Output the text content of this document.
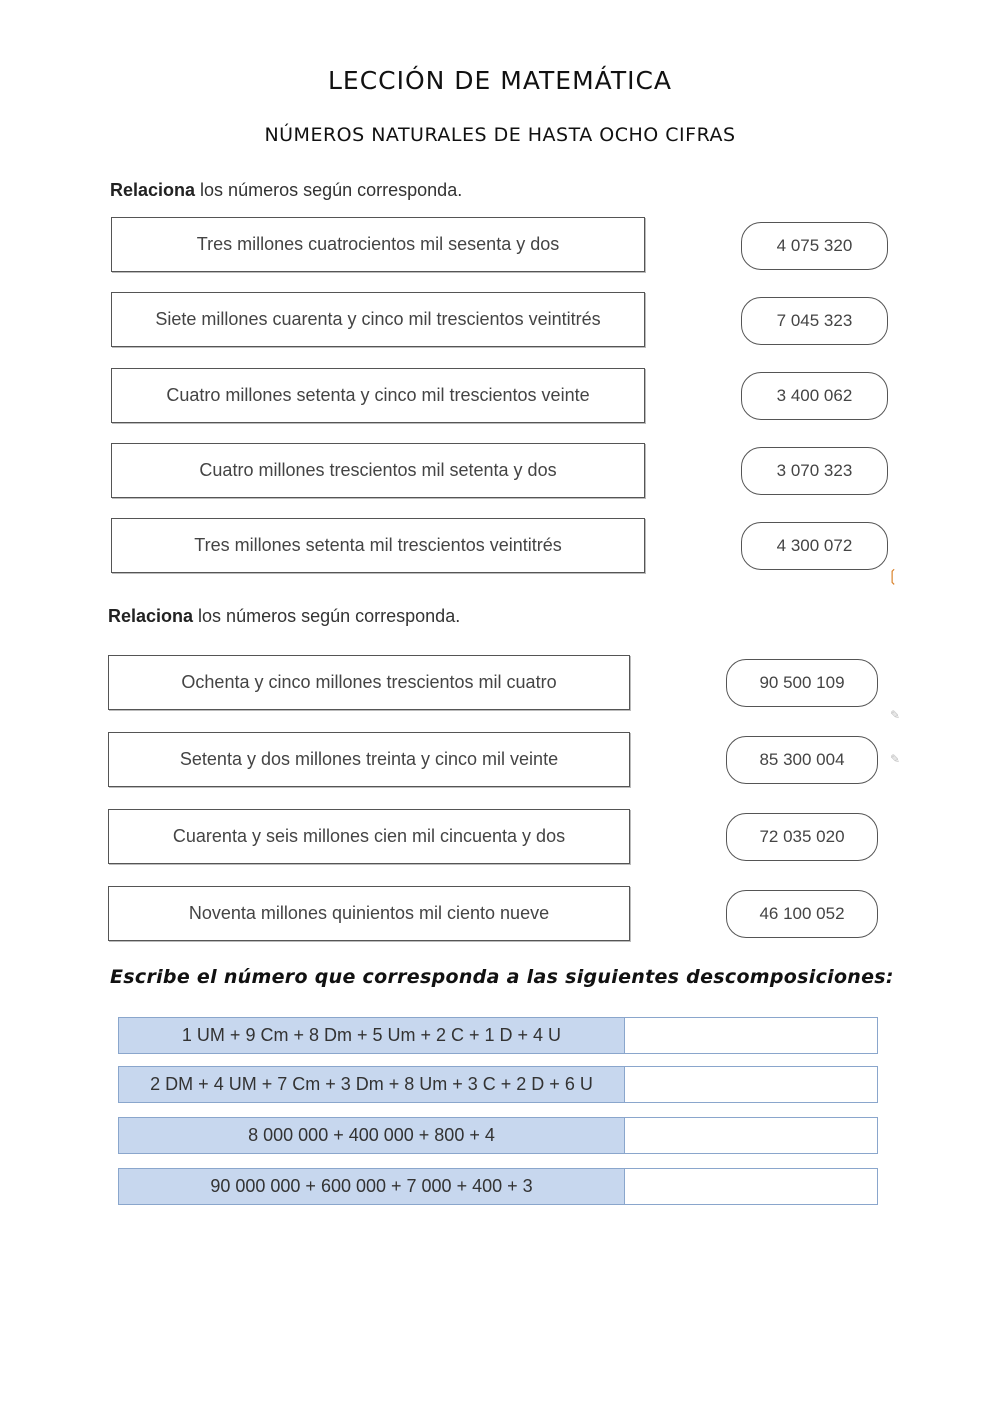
LECCIÓN DE MATEMÁTICA
NÚMEROS NATURALES DE HASTA OCHO CIFRAS
Relaciona los números según corresponda.
Tres millones cuatrocientos mil sesenta y dos
Siete millones cuarenta y cinco mil trescientos veintitrés
Cuatro millones setenta y cinco mil trescientos veinte
Cuatro millones trescientos mil setenta y dos
Tres millones setenta mil trescientos veintitrés
4 075 320
7 045 323
3 400 062
3 070 323
4 300 072
❲
Relaciona los números según corresponda.
Ochenta y cinco millones trescientos mil cuatro
Setenta y dos millones treinta y cinco mil veinte
Cuarenta y seis millones cien mil cincuenta y dos
Noventa millones quinientos mil ciento nueve
90 500 109
85 300 004
72 035 020
46 100 052
✎
✎
Escribe el número que corresponda a las siguientes descomposiciones:
1 UM + 9 Cm + 8 Dm + 5 Um + 2 C + 1 D + 4 U
2 DM + 4 UM + 7 Cm + 3 Dm + 8 Um + 3 C + 2 D + 6 U
8 000 000 + 400 000 + 800 + 4
90 000 000 + 600 000 + 7 000 + 400 + 3
